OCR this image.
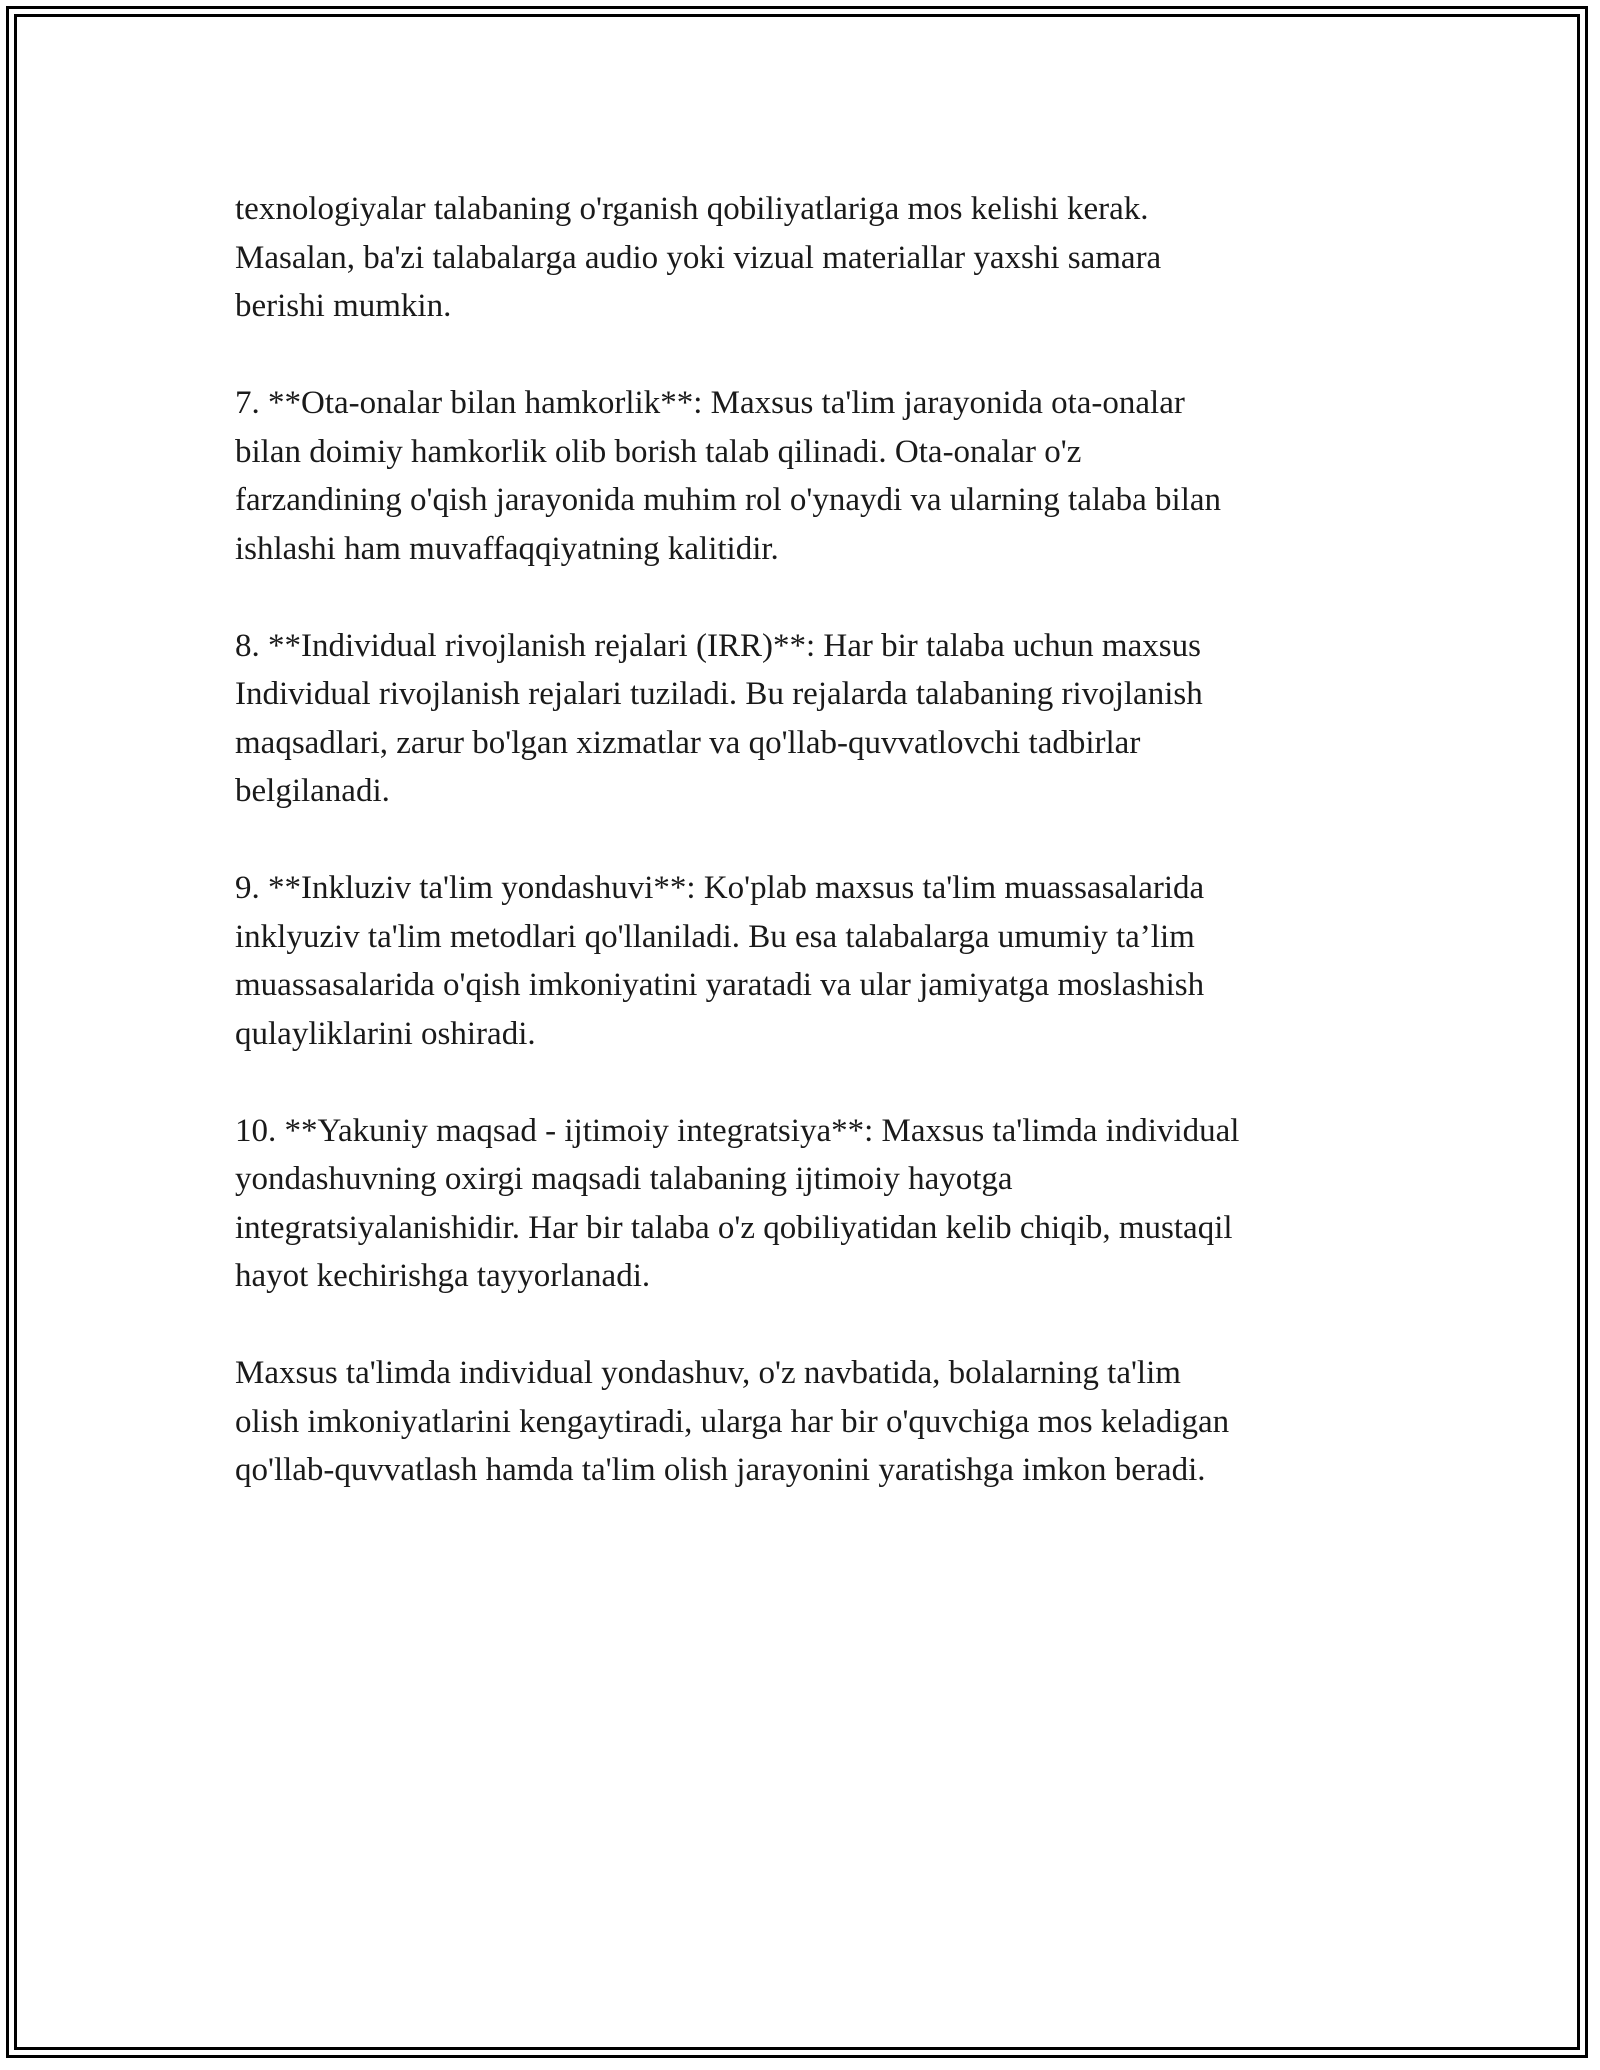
texnologiyalar talabaning o'rganish qobiliyatlariga mos kelishi kerak.
Masalan, ba'zi talabalarga audio yoki vizual materiallar yaxshi samara
berishi mumkin.

7. **Ota-onalar bilan hamkorlik**: Maxsus ta'lim jarayonida ota-onalar
bilan doimiy hamkorlik olib borish talab qilinadi. Ota-onalar o'z
farzandining o'qish jarayonida muhim rol o'ynaydi va ularning talaba bilan
ishlashi ham muvaffaqqiyatning kalitidir.

8. **Individual rivojlanish rejalari (IRR)**: Har bir talaba uchun maxsus
Individual rivojlanish rejalari tuziladi. Bu rejalarda talabaning rivojlanish
maqsadlari, zarur bo'lgan xizmatlar va qo'llab-quvvatlovchi tadbirlar
belgilanadi.

9. **Inkluziv ta'lim yondashuvi**: Ko'plab maxsus ta'lim muassasalarida
inklyuziv ta'lim metodlari qo'llaniladi. Bu esa talabalarga umumiy ta’lim
muassasalarida o'qish imkoniyatini yaratadi va ular jamiyatga moslashish
qulayliklarini oshiradi.

10. **Yakuniy maqsad - ijtimoiy integratsiya**: Maxsus ta'limda individual
yondashuvning oxirgi maqsadi talabaning ijtimoiy hayotga
integratsiyalanishidir. Har bir talaba o'z qobiliyatidan kelib chiqib, mustaqil
hayot kechirishga tayyorlanadi.

Maxsus ta'limda individual yondashuv, o'z navbatida, bolalarning ta'lim
olish imkoniyatlarini kengaytiradi, ularga har bir o'quvchiga mos keladigan
qo'llab-quvvatlash hamda ta'lim olish jarayonini yaratishga imkon beradi.
